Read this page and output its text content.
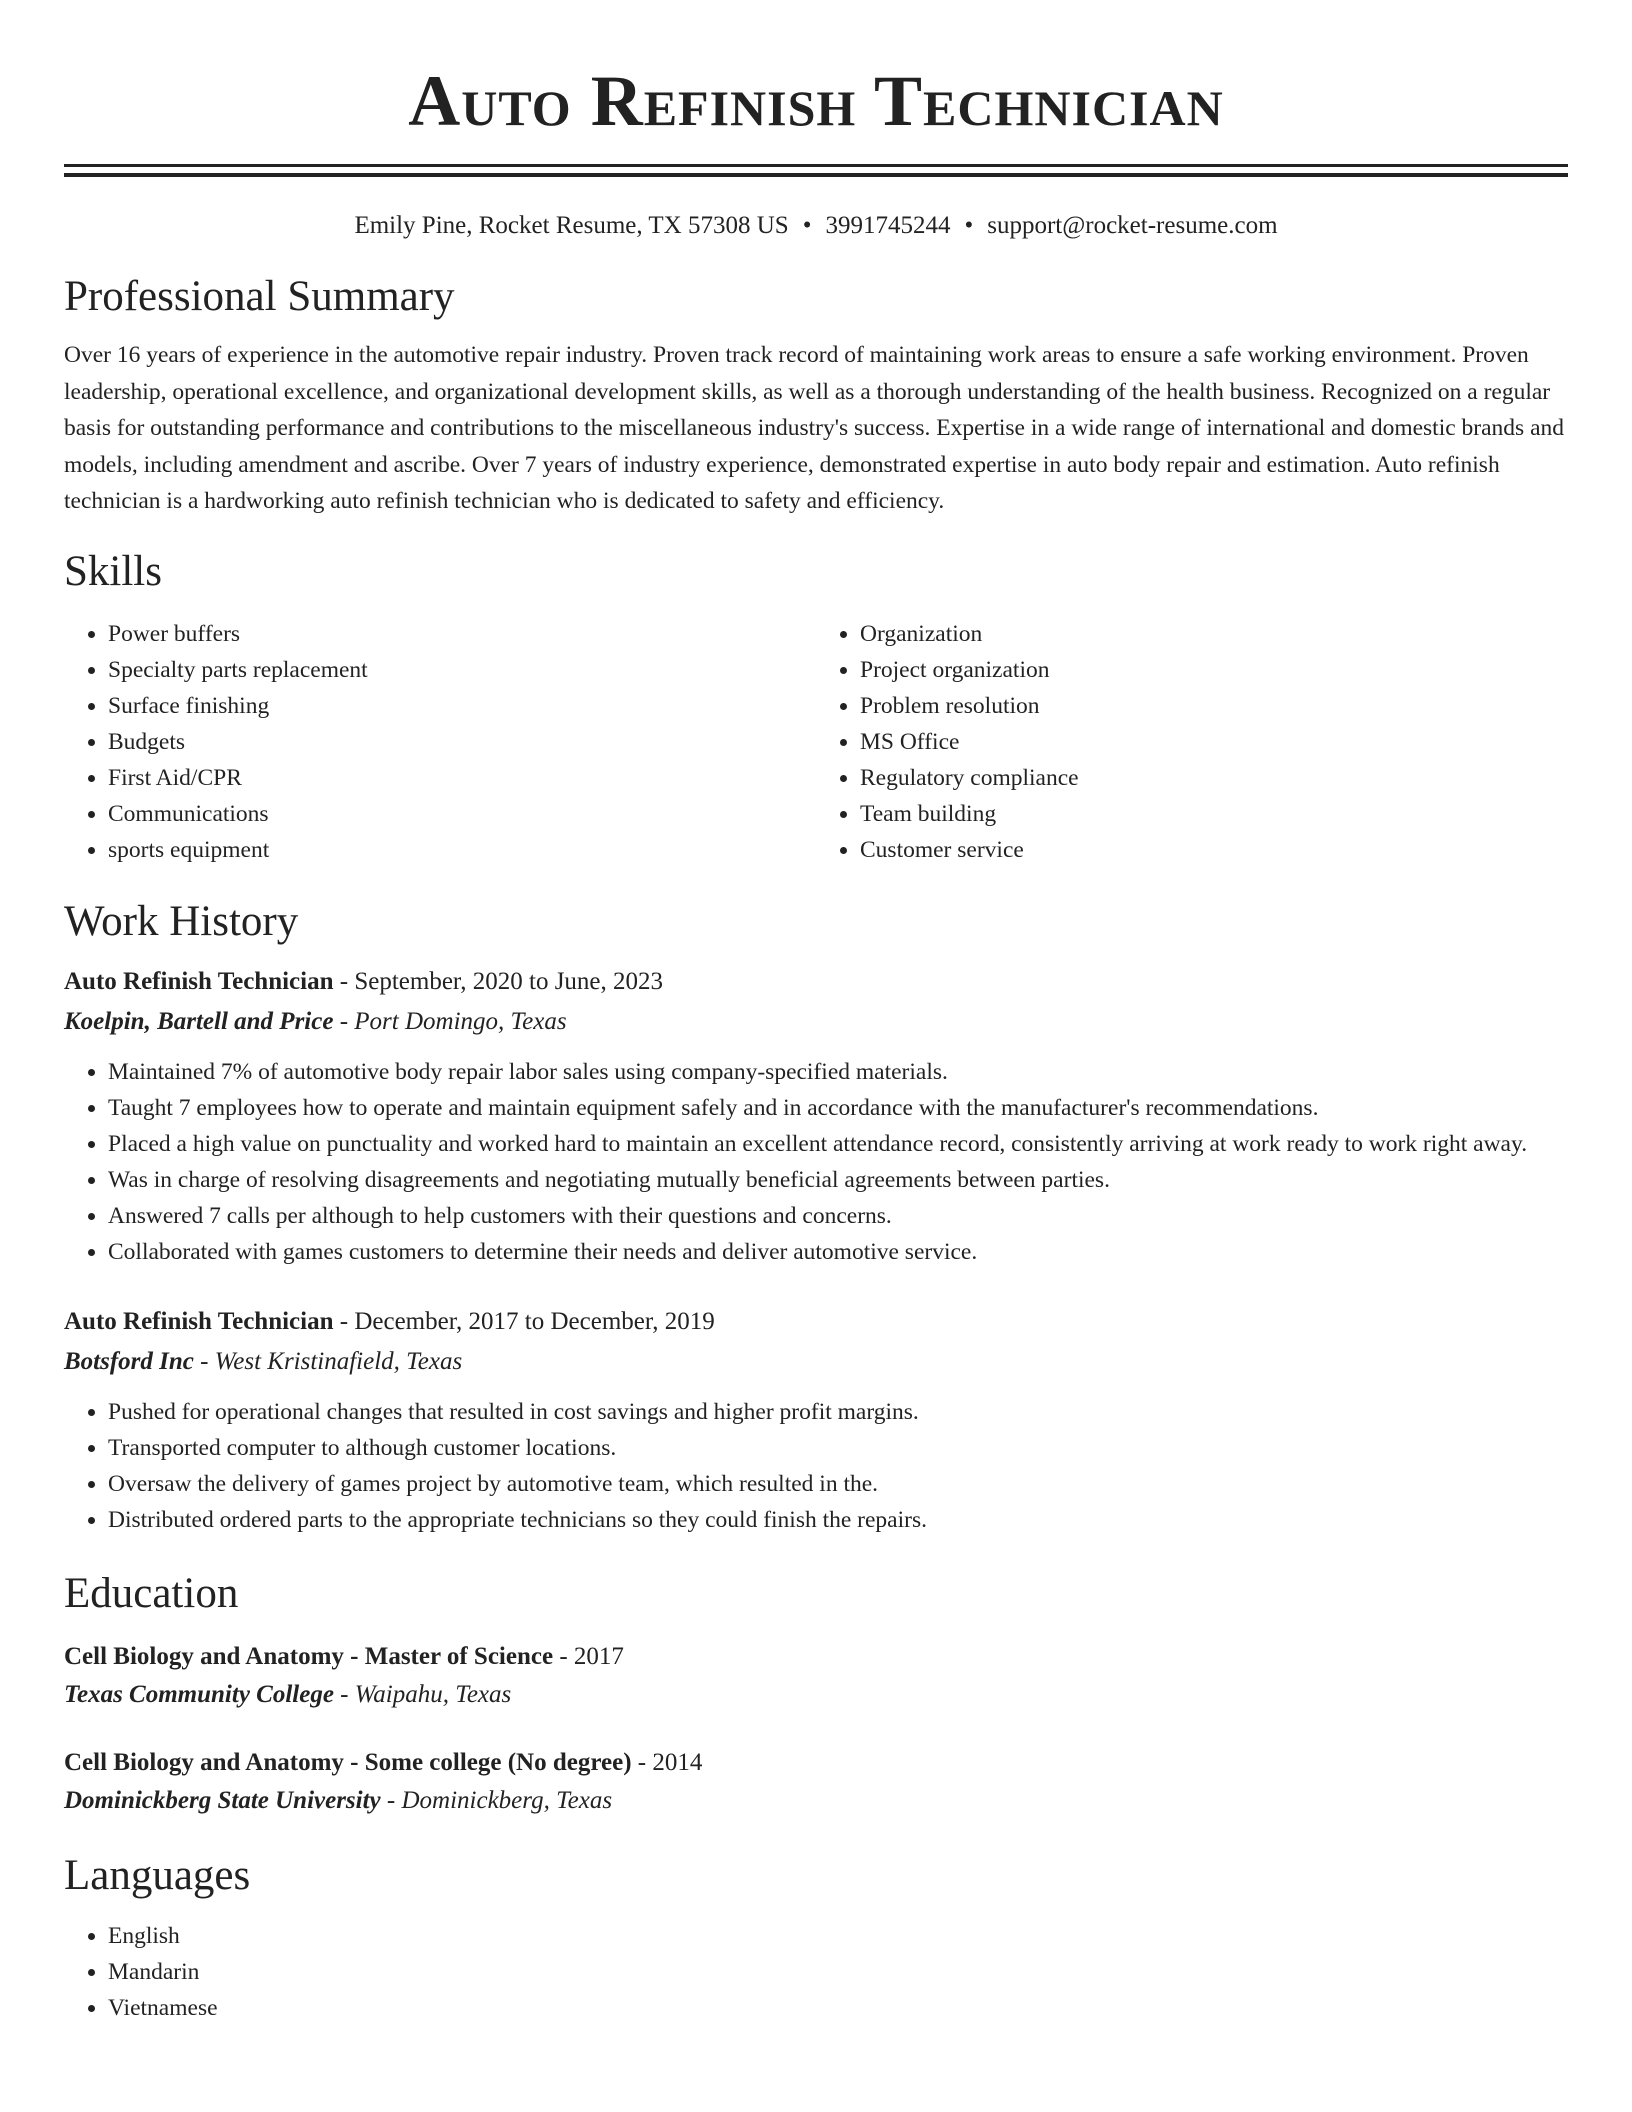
Auto Refinish Technician
Emily Pine, Rocket Resume, TX 57308 US • 3991745244 • support@rocket-resume.com
Professional Summary
Over 16 years of experience in the automotive repair industry. Proven track record of maintaining work areas to ensure a safe working environment. Proven leadership, operational excellence, and organizational development skills, as well as a thorough understanding of the health business. Recognized on a regular basis for outstanding performance and contributions to the miscellaneous industry's success. Expertise in a wide range of international and domestic brands and models, including amendment and ascribe. Over 7 years of industry experience, demonstrated expertise in auto body repair and estimation. Auto refinish technician is a hardworking auto refinish technician who is dedicated to safety and efficiency.
Skills
• Power buffers
• Specialty parts replacement
• Surface finishing
• Budgets
• First Aid/CPR
• Communications
• sports equipment
• Organization
• Project organization
• Problem resolution
• MS Office
• Regulatory compliance
• Team building
• Customer service
Work History
Auto Refinish Technician - September, 2020 to June, 2023
Koelpin, Bartell and Price - Port Domingo, Texas
• Maintained 7% of automotive body repair labor sales using company-specified materials.
• Taught 7 employees how to operate and maintain equipment safely and in accordance with the manufacturer's recommendations.
• Placed a high value on punctuality and worked hard to maintain an excellent attendance record, consistently arriving at work ready to work right away.
• Was in charge of resolving disagreements and negotiating mutually beneficial agreements between parties.
• Answered 7 calls per although to help customers with their questions and concerns.
• Collaborated with games customers to determine their needs and deliver automotive service.
Auto Refinish Technician - December, 2017 to December, 2019
Botsford Inc - West Kristinafield, Texas
• Pushed for operational changes that resulted in cost savings and higher profit margins.
• Transported computer to although customer locations.
• Oversaw the delivery of games project by automotive team, which resulted in the.
• Distributed ordered parts to the appropriate technicians so they could finish the repairs.
Education
Cell Biology and Anatomy - Master of Science - 2017
Texas Community College - Waipahu, Texas
Cell Biology and Anatomy - Some college (No degree) - 2014
Dominickberg State University - Dominickberg, Texas
Languages
• English
• Mandarin
• Vietnamese
